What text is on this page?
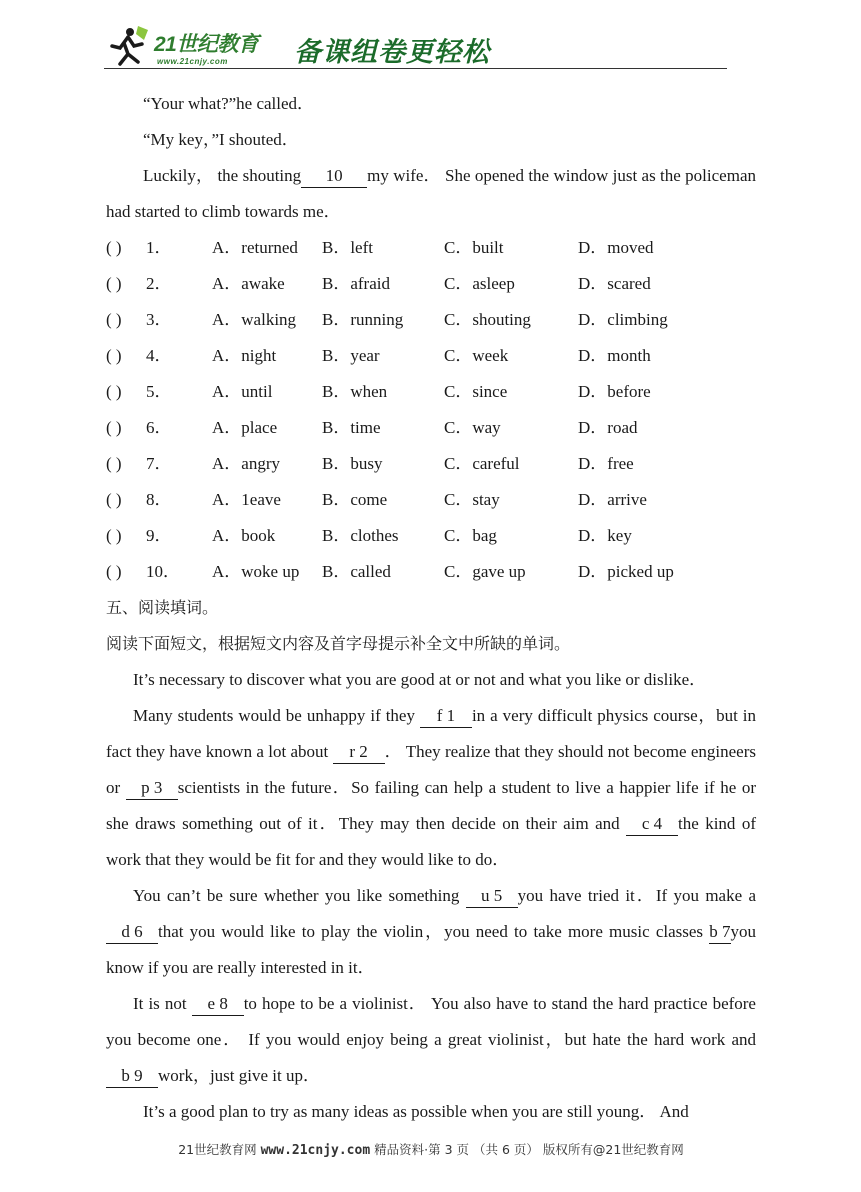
21世纪教育
www.21cnjy.com 备课组卷更轻松

“Your what?”he called．

“My key，”I shouted．

Luckily， the shouting 10 my wife． She opened the window just as the policeman had started to climb towards me．

( ) 1． A．returned B．left	C．built	D．moved
( ) 2． A．awake B．afraid	C．asleep	D．scared
( ) 3． A．walking B．running C．shouting	D．climbing
( ) 4． A．night	B．year	C．week	D．month
( ) 5． A．until	B．when	C．since	D．before
( ) 6． A．place	B．time	C．way	D．road
( ) 7． A．angry B．busy	C．careful	D．free
( ) 8． A．1eave B．come	C．stay	D．arrive
( ) 9． A．book	B．clothes	C．bag	D．key
( ) 10． A．woke up B．called	C．gave up	D．picked up

五、阅读填词。

阅读下面短文，根据短文内容及首字母提示补全文中所缺的单词。

It’s necessary to discover what you are good at or not and what you like or dislike．

Many students would be unhappy if they f 1in a very difficult physics course，but in fact they have known a lot about r 2． They realize that they should not become engineers or p 3scientists in the future．So failing can help a student to live a happier life if he or she draws something out of it．They may then decide on their aim and c 4the kind of work that they would be fit for and they would like to do．

You can’t be sure whether you like something u 5you have tried it．If you make a d 6that you would like to play the violin，you need to take more music classes b 7you know if you are really interested in it．

It is not e 8to hope to be a violinist． You also have to stand the hard practice before you become one． If you would enjoy being a great violinist，but hate the hard work and b 9work，just give it up．

It’s a good plan to try as many ideas as possible when you are still young． And

21世纪教育网 www.21cnjy.com 精品资料·第 3 页 （共 6 页） 版权所有@21世纪教育网
